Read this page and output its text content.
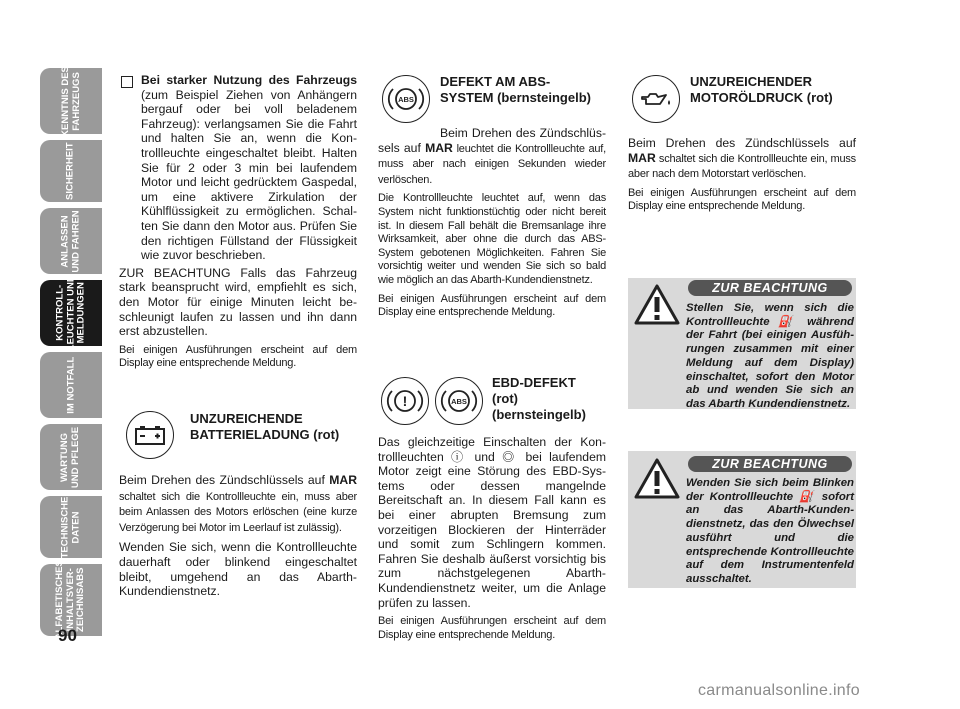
KENNTNIS DES
FAHRZEUGS
SICHERHEIT
ANLASSEN
UND FAHREN
KONTROLL-
LEUCHTEN UND
MELDUNGEN
IM NOTFALL
WARTUNG
UND PFLEGE
TECHNISCHE
DATEN
ALFABETISCHES
INHALTSVER-
ZEICHNISABS
90

Bei starker Nutzung des Fahrzeugs (zum Beispiel Ziehen von Anhängern bergauf oder bei voll beladenem Fahrzeug): verlangsamen Sie die Fahrt und halten Sie an, wenn die Kontrollleuchte eingeschaltet bleibt. Halten Sie für 2 oder 3 min bei laufendem Motor und leicht gedrücktem Gaspedal, um eine aktivere Zirkulation der Kühlflüssigkeit zu ermöglichen. Schalten Sie dann den Motor aus. Prüfen Sie den richtigen Füllstand der Flüssigkeit wie zuvor beschrieben.

ZUR BEACHTUNG Falls das Fahrzeug stark beansprucht wird, empfiehlt es sich, den Motor für einige Minuten leicht beschleunigt laufen zu lassen und ihn dann erst abzustellen.

Bei einigen Ausführungen erscheint auf dem Display eine entsprechende Meldung.

UNZUREICHENDE BATTERIELADUNG (rot)

Beim Drehen des Zündschlüssels auf MAR schaltet sich die Kontrollleuchte ein, muss aber beim Anlassen des Motors erlöschen (eine kurze Verzögerung bei Motor im Leerlauf ist zulässig).

Wenden Sie sich, wenn die Kontrollleuchte dauerhaft oder blinkend eingeschaltet bleibt, umgehend an das Abarth-Kundendienstnetz.

ABS
DEFEKT AM ABS-
SYSTEM (bernsteingelb)

Beim Drehen des Zündschlüssels auf MAR leuchtet die Kontrollleuchte auf, muss aber nach einigen Sekunden wieder verlöschen.

Die Kontrollleuchte leuchtet auf, wenn das System nicht funktionstüchtig oder nicht bereit ist. In diesem Fall behält die Bremsanlage ihre Wirksamkeit, aber ohne die durch das ABS-System gebotenen Möglichkeiten. Fahren Sie vorsichtig weiter und wenden Sie sich so bald wie möglich an das Abarth-Kundendienstnetz.

Bei einigen Ausführungen erscheint auf dem Display eine entsprechende Meldung.

!	ABS
EBD-DEFEKT (rot) (bernsteingelb)

Das gleichzeitige Einschalten der Kontrollleuchten ⓘ und ◎ bei laufendem Motor zeigt eine Störung des EBD-Systems oder dessen mangelnde Bereitschaft an. In diesem Fall kann es bei einer abrupten Bremsung zum vorzeitigen Blockieren der Hinterräder und somit zum Schlingern kommen. Fahren Sie deshalb äußerst vorsichtig bis zum nächstgelegenen Abarth-Kundendienstnetz weiter, um die Anlage prüfen zu lassen.

Bei einigen Ausführungen erscheint auf dem Display eine entsprechende Meldung.

UNZUREICHENDER
MOTORÖLDRUCK (rot)

Beim Drehen des Zündschlüssels auf MAR schaltet sich die Kontrollleuchte ein, muss aber nach dem Motorstart verlöschen.

Bei einigen Ausführungen erscheint auf dem Display eine entsprechende Meldung.

ZUR BEACHTUNG
Stellen Sie, wenn sich die Kontrollleuchte ⛽ während der Fahrt (bei einigen Ausführungen zusammen mit einer Meldung auf dem Display) einschaltet, sofort den Motor ab und wenden Sie sich an das Abarth Kundendienstnetz.
ZUR BEACHTUNG
Wenden Sie sich beim Blinken der Kontrollleuchte ⛽ sofort an das Abarth-Kundendienstnetz, das den Ölwechsel ausführt und die entsprechende Kontrollleuchte auf dem Instrumentenfeld ausschaltet.
carmanualsonline.info
